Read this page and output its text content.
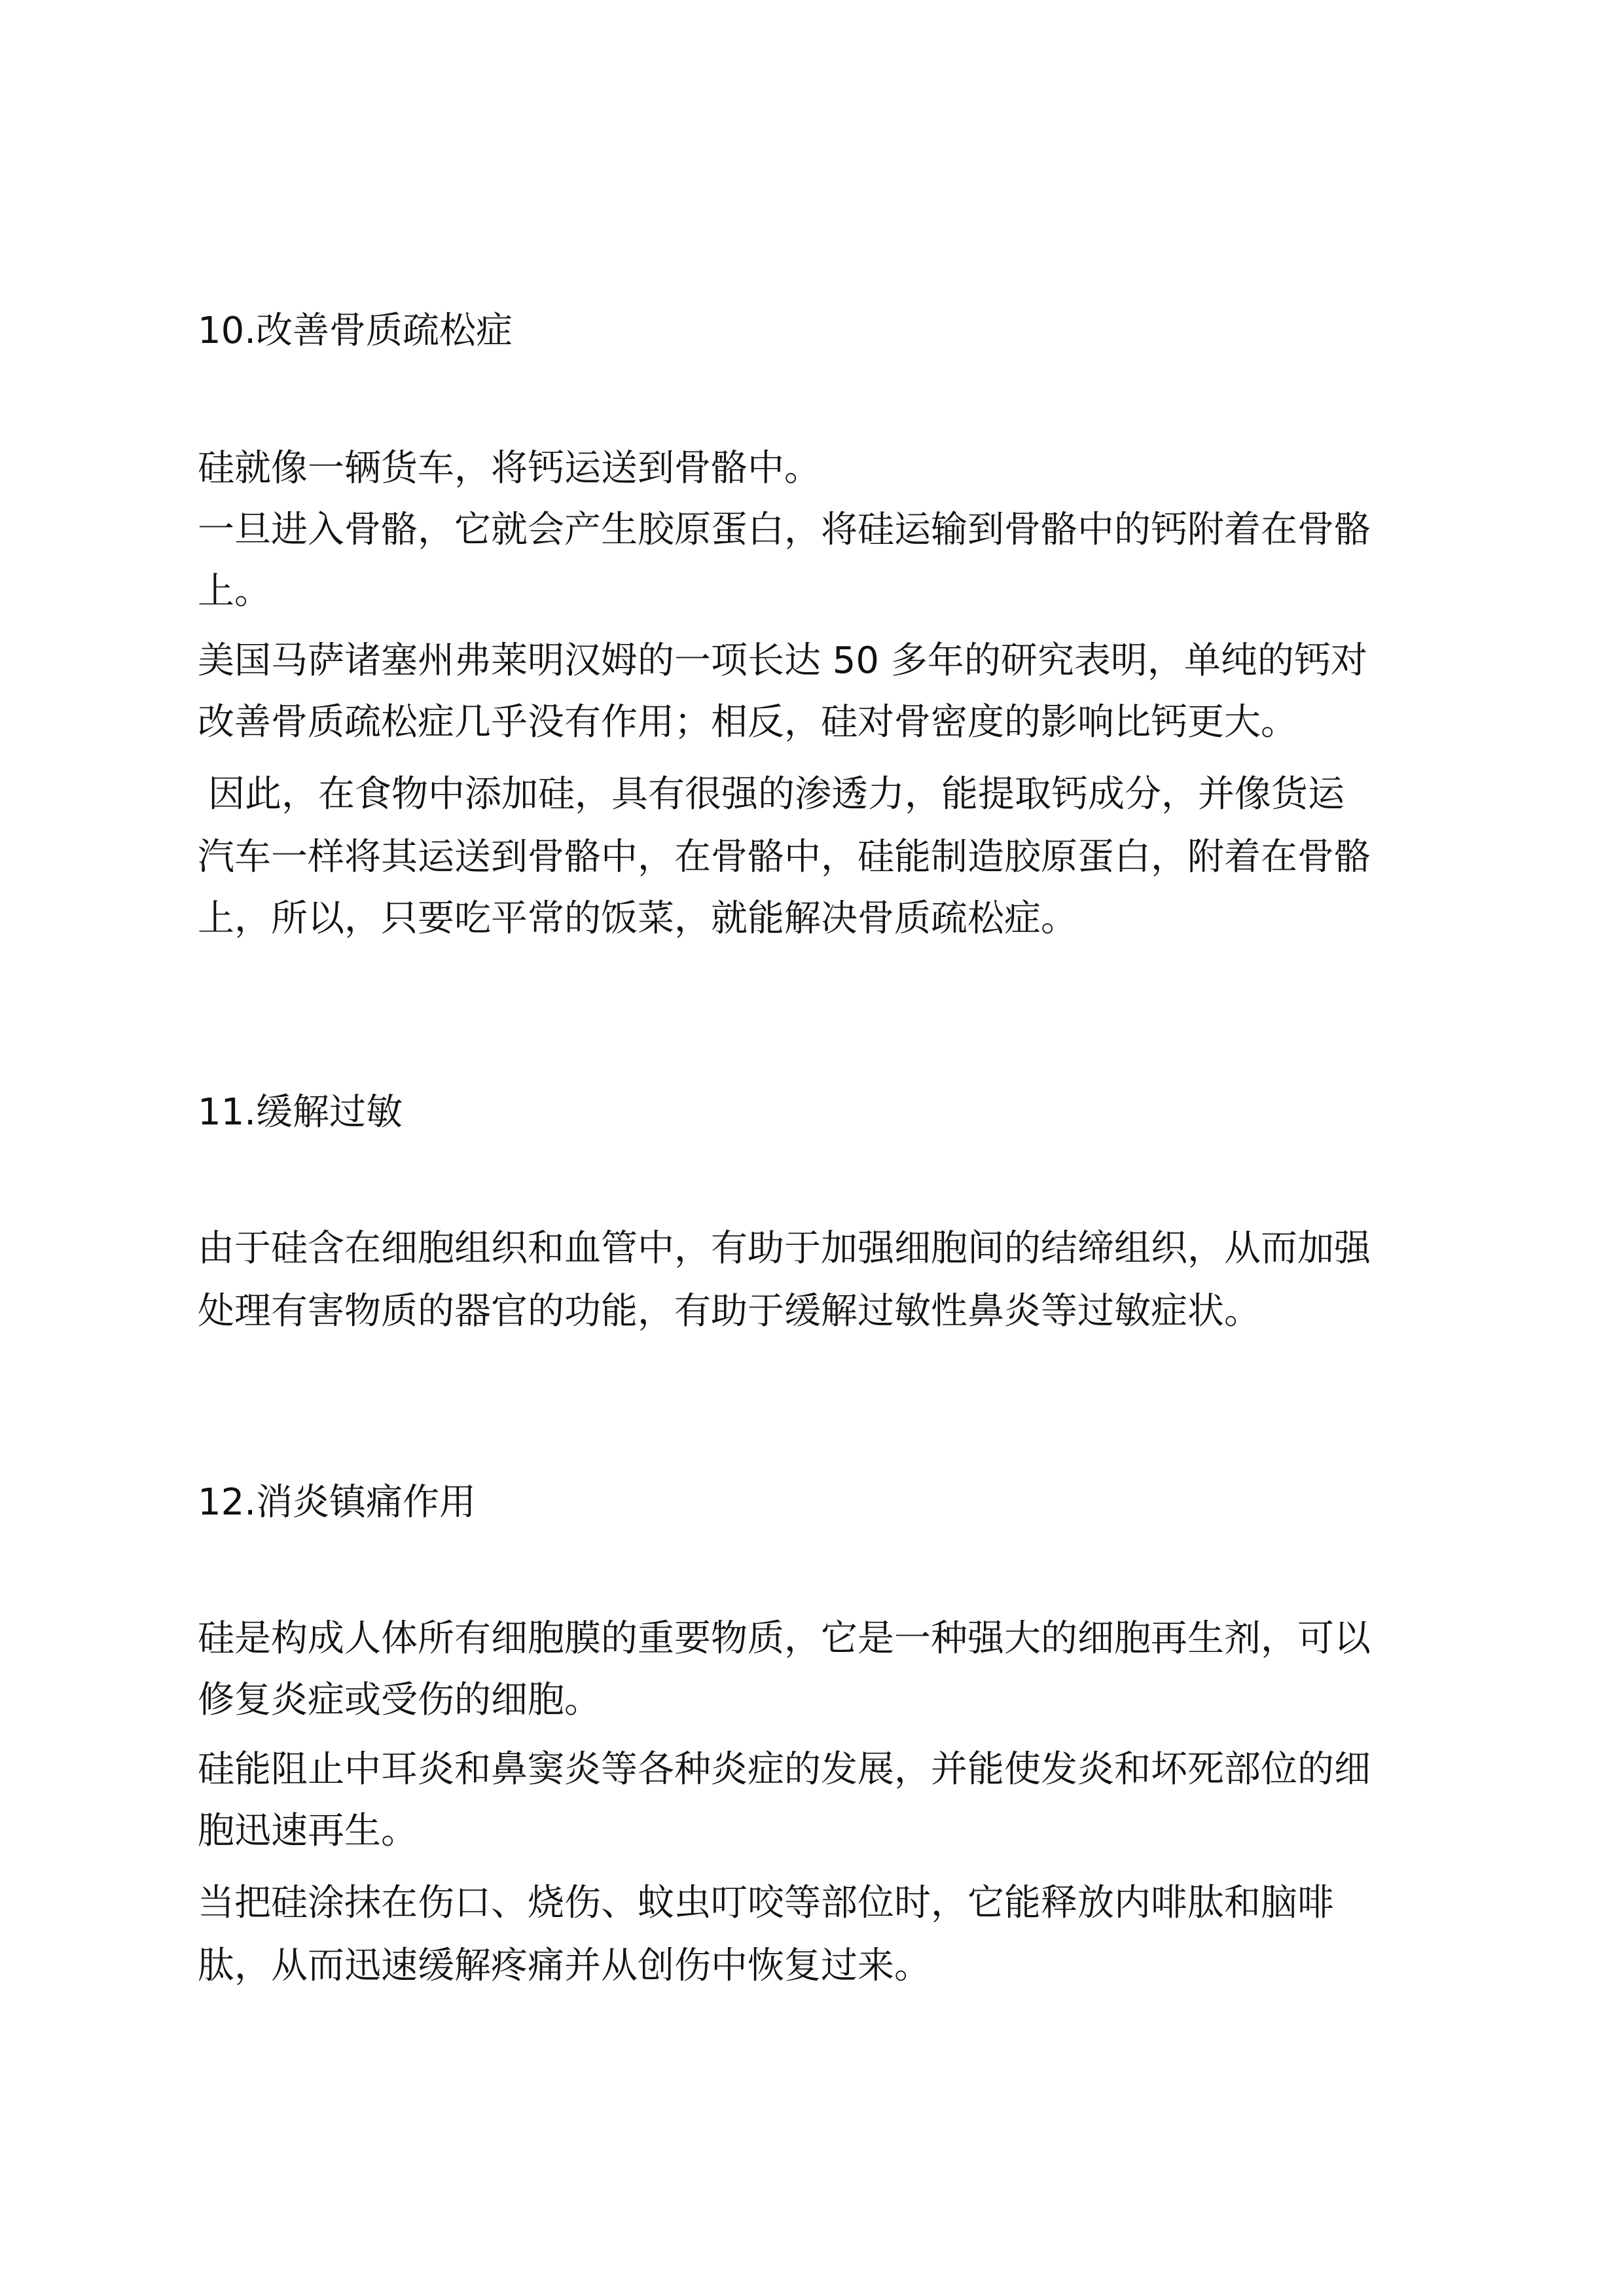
10.改善骨质疏松症
硅就像一辆货车，将钙运送到骨骼中。
一旦进入骨骼，它就会产生胶原蛋白，将硅运输到骨骼中的钙附着在骨骼
上。
美国马萨诸塞州弗莱明汉姆的一项长达 50 多年的研究表明，单纯的钙对
改善骨质疏松症几乎没有作用；相反，硅对骨密度的影响比钙更大。
因此，在食物中添加硅，具有很强的渗透力，能提取钙成分，并像货运
汽车一样将其运送到骨骼中，在骨骼中，硅能制造胶原蛋白，附着在骨骼
上，所以，只要吃平常的饭菜，就能解决骨质疏松症。
11.缓解过敏
由于硅含在细胞组织和血管中，有助于加强细胞间的结缔组织，从而加强
处理有害物质的器官的功能，有助于缓解过敏性鼻炎等过敏症状。
12.消炎镇痛作用
硅是构成人体所有细胞膜的重要物质，它是一种强大的细胞再生剂，可以
修复炎症或受伤的细胞。
硅能阻止中耳炎和鼻窦炎等各种炎症的发展，并能使发炎和坏死部位的细
胞迅速再生。
当把硅涂抹在伤口、烧伤、蚊虫叮咬等部位时，它能释放内啡肽和脑啡
肽，从而迅速缓解疼痛并从创伤中恢复过来。
